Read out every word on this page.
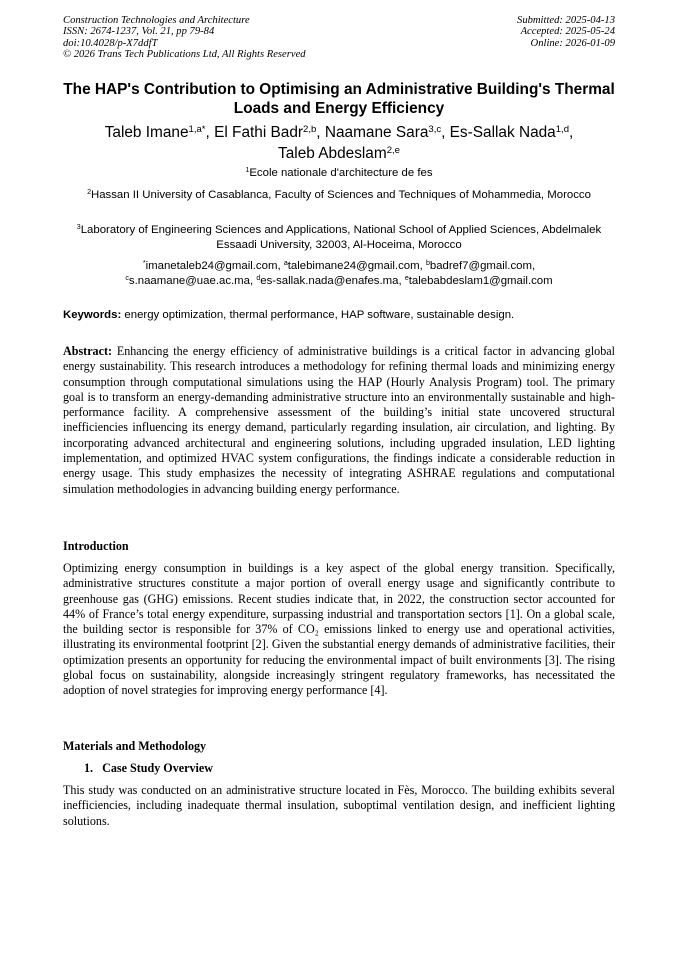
Construction Technologies and Architecture
ISSN: 2674-1237, Vol. 21, pp 79-84
doi:10.4028/p-X7ddfT
© 2026 Trans Tech Publications Ltd, All Rights Reserved
Submitted: 2025-04-13
Accepted: 2025-05-24
Online: 2026-01-09
The HAP's Contribution to Optimising an Administrative Building's Thermal Loads and Energy Efficiency
Taleb Imane$^{1,a*}$, El Fathi Badr$^{2,b}$, Naamane Sara$^{3,c}$, Es-Sallak Nada$^{1,d}$,
Taleb Abdeslam$^{2,e}$
$^1$Ecole nationale d'architecture de fes
$^2$Hassan II University of Casablanca, Faculty of Sciences and Techniques of Mohammedia, Morocco
$^3$Laboratory of Engineering Sciences and Applications, National School of Applied Sciences, Abdelmalek Essaadi University, 32003, Al-Hoceima, Morocco
*imanetaleb24@gmail.com, $^a$talebimane24@gmail.com, $^b$badref7@gmail.com,
$^c$s.naamane@uae.ac.ma, $^d$es-sallak.nada@enafes.ma, $^e$talebabdeslam1@gmail.com
Keywords: energy optimization, thermal performance, HAP software, sustainable design.
Abstract: Enhancing the energy efficiency of administrative buildings is a critical factor in advancing global energy sustainability. This research introduces a methodology for refining thermal loads and minimizing energy consumption through computational simulations using the HAP (Hourly Analysis Program) tool. The primary goal is to transform an energy-demanding administrative structure into an environmentally sustainable and high-performance facility. A comprehensive assessment of the building’s initial state uncovered structural inefficiencies influencing its energy demand, particularly regarding insulation, air circulation, and lighting. By incorporating advanced architectural and engineering solutions, including upgraded insulation, LED lighting implementation, and optimized HVAC system configurations, the findings indicate a considerable reduction in energy usage. This study emphasizes the necessity of integrating ASHRAE regulations and computational simulation methodologies in advancing building energy performance.
Introduction
Optimizing energy consumption in buildings is a key aspect of the global energy transition. Specifically, administrative structures constitute a major portion of overall energy usage and significantly contribute to greenhouse gas (GHG) emissions. Recent studies indicate that, in 2022, the construction sector accounted for 44% of France’s total energy expenditure, surpassing industrial and transportation sectors [1]. On a global scale, the building sector is responsible for 37% of CO₂ emissions linked to energy use and operational activities, illustrating its environmental footprint [2]. Given the substantial energy demands of administrative facilities, their optimization presents an opportunity for reducing the environmental impact of built environments [3]. The rising global focus on sustainability, alongside increasingly stringent regulatory frameworks, has necessitated the adoption of novel strategies for improving energy performance [4].
Materials and Methodology
1.   Case Study Overview
This study was conducted on an administrative structure located in Fès, Morocco. The building exhibits several inefficiencies, including inadequate thermal insulation, suboptimal ventilation design, and inefficient lighting solutions.
